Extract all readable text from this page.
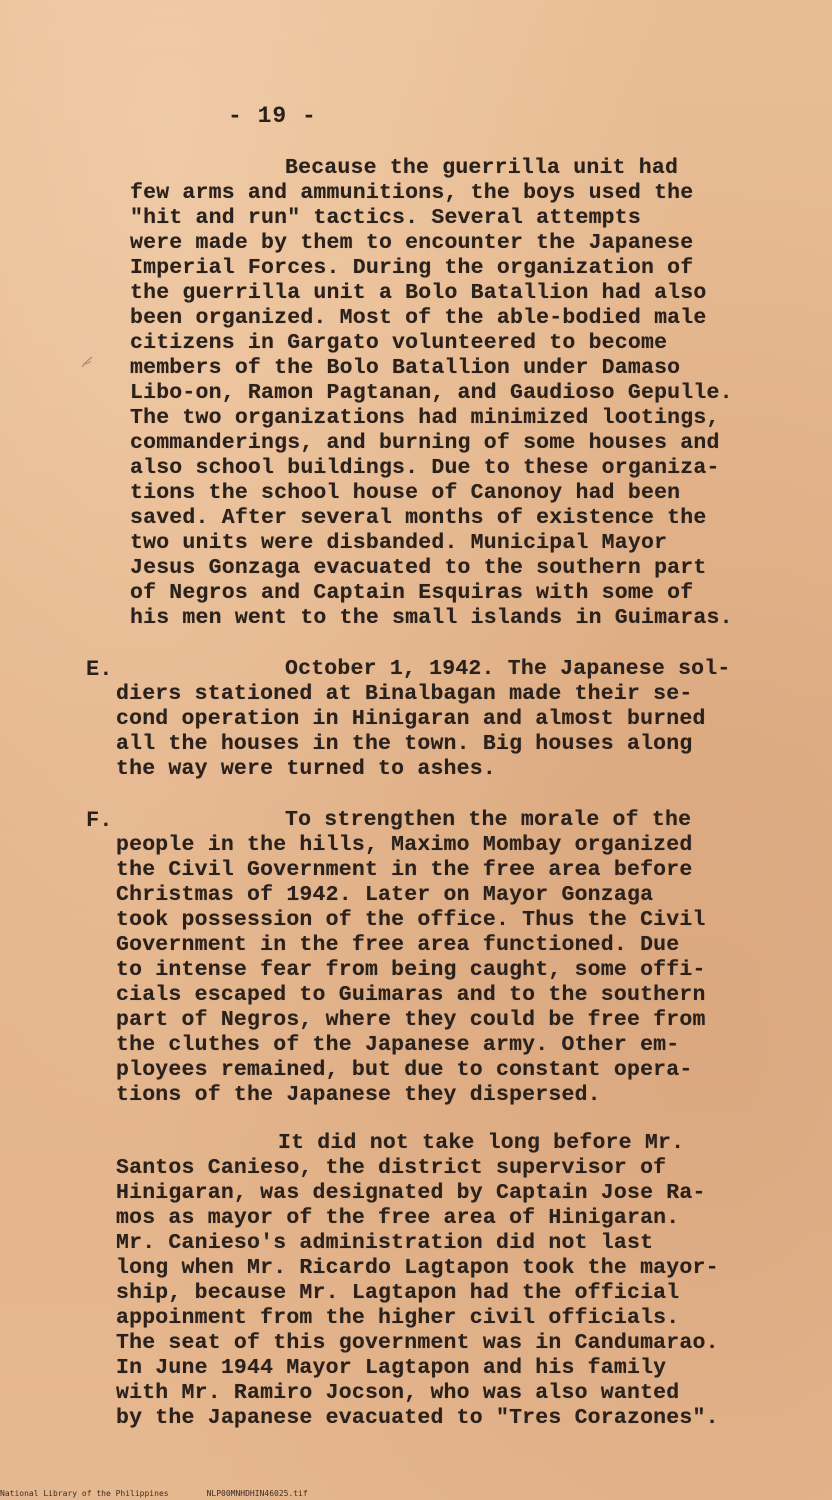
- 19 -
Because the guerrilla unit had
few arms and ammunitions, the boys used the
"hit and run" tactics. Several attempts
were made by them to encounter the Japanese
Imperial Forces. During the organization of
the guerrilla unit a Bolo Batallion had also
been organized. Most of the able-bodied male
citizens in Gargato volunteered to become
members of the Bolo Batallion under Damaso
Libo-on, Ramon Pagtanan, and Gaudioso Gepulle.
The two organizations had minimized lootings,
commanderings, and burning of some houses and
also school buildings. Due to these organiza-
tions the school house of Canonoy had been
saved. After several months of existence the
two units were disbanded. Municipal Mayor
Jesus Gonzaga evacuated to the southern part
of Negros and Captain Esquiras with some of
his men went to the small islands in Guimaras.
E.	October 1, 1942. The Japanese sol-
diers stationed at Binalbagan made their se-
cond operation in Hinigaran and almost burned
all the houses in the town. Big houses along
the way were turned to ashes.
F.	To strengthen the morale of the
people in the hills, Maximo Mombay organized
the Civil Government in the free area before
Christmas of 1942. Later on Mayor Gonzaga
took possession of the office. Thus the Civil
Government in the free area functioned. Due
to intense fear from being caught, some offi-
cials escaped to Guimaras and to the southern
part of Negros, where they could be free from
the cluthes of the Japanese army. Other em-
ployees remained, but due to constant opera-
tions of the Japanese they dispersed.
It did not take long before Mr.
Santos Canieso, the district supervisor of
Hinigaran, was designated by Captain Jose Ra-
mos as mayor of the free area of Hinigaran.
Mr. Canieso's administration did not last
long when Mr. Ricardo Lagtapon took the mayor-
ship, because Mr. Lagtapon had the official
appoinment from the higher civil officials.
The seat of this government was in Candumarao.
In June 1944 Mayor Lagtapon and his family
with Mr. Ramiro Jocson, who was also wanted
by the Japanese evacuated to "Tres Corazones".
National Library of the Philippines	NLP00MNHDHIN46025.tif
